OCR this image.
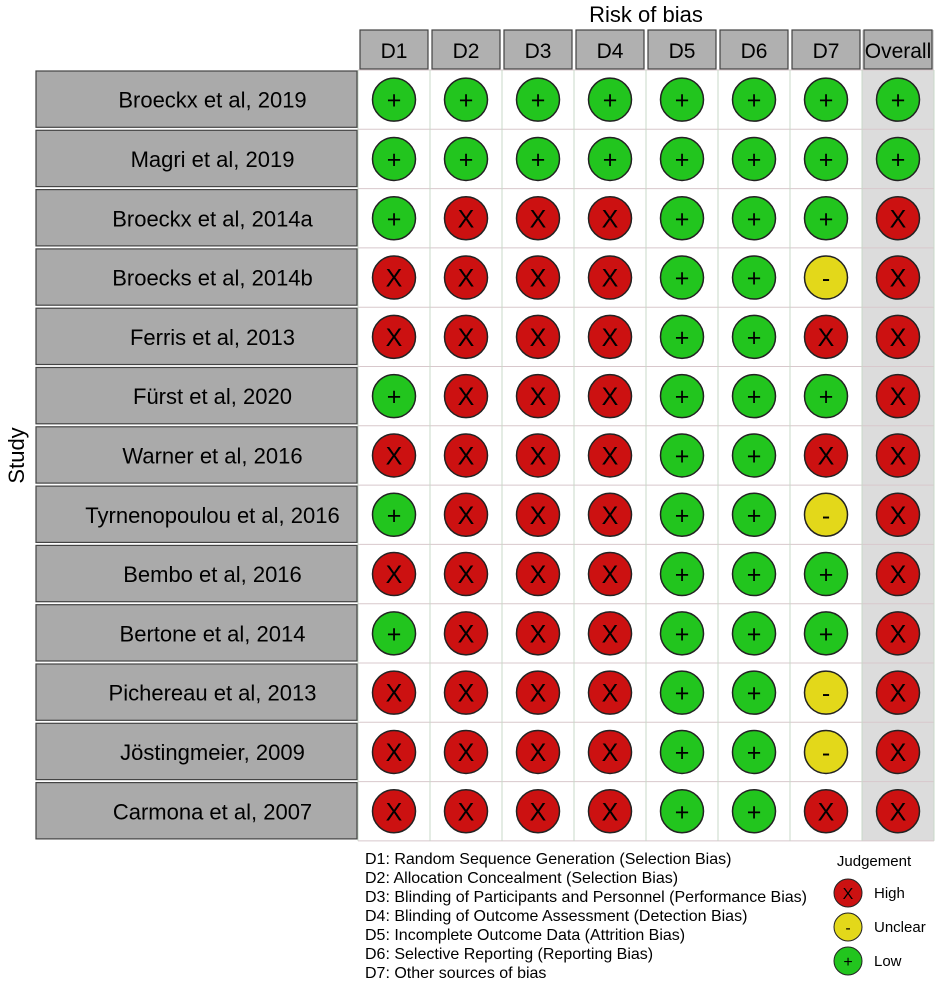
Risk of bias
Study
D1 D2 D3 D4 D5 D6 D7 Overall
Broeckx et al, 2019	+ + + + + + + +
Magri et al, 2019	+ + + + + + + +
Broeckx et al, 2014a	+ X X X + + + X
Broecks et al, 2014b	X X X X + + - X
Ferris et al, 2013	X X X X + + X X
Fürst et al, 2020	+ X X X + + + X
Warner et al, 2016	X X X X + + X X
Tyrnenopoulou et al, 2016 + X X X + + - X
Bembo et al, 2016	X X X X + + + X
Bertone et al, 2014	+ X X X + + + X
Pichereau et al, 2013	X X X X + + - X
Jöstingmeier, 2009	X X X X + + - X
Carmona et al, 2007	X X X X + + X X
Judgement
X High
- Unclear
+ Low
D1: Random Sequence Generation (Selection Bias)
D2: Allocation Concealment (Selection Bias)
D3: Blinding of Participants and Personnel (Performance Bias)
D4: Blinding of Outcome Assessment (Detection Bias)
D5: Incomplete Outcome Data (Attrition Bias)
D6: Selective Reporting (Reporting Bias)
D7: Other sources of bias
